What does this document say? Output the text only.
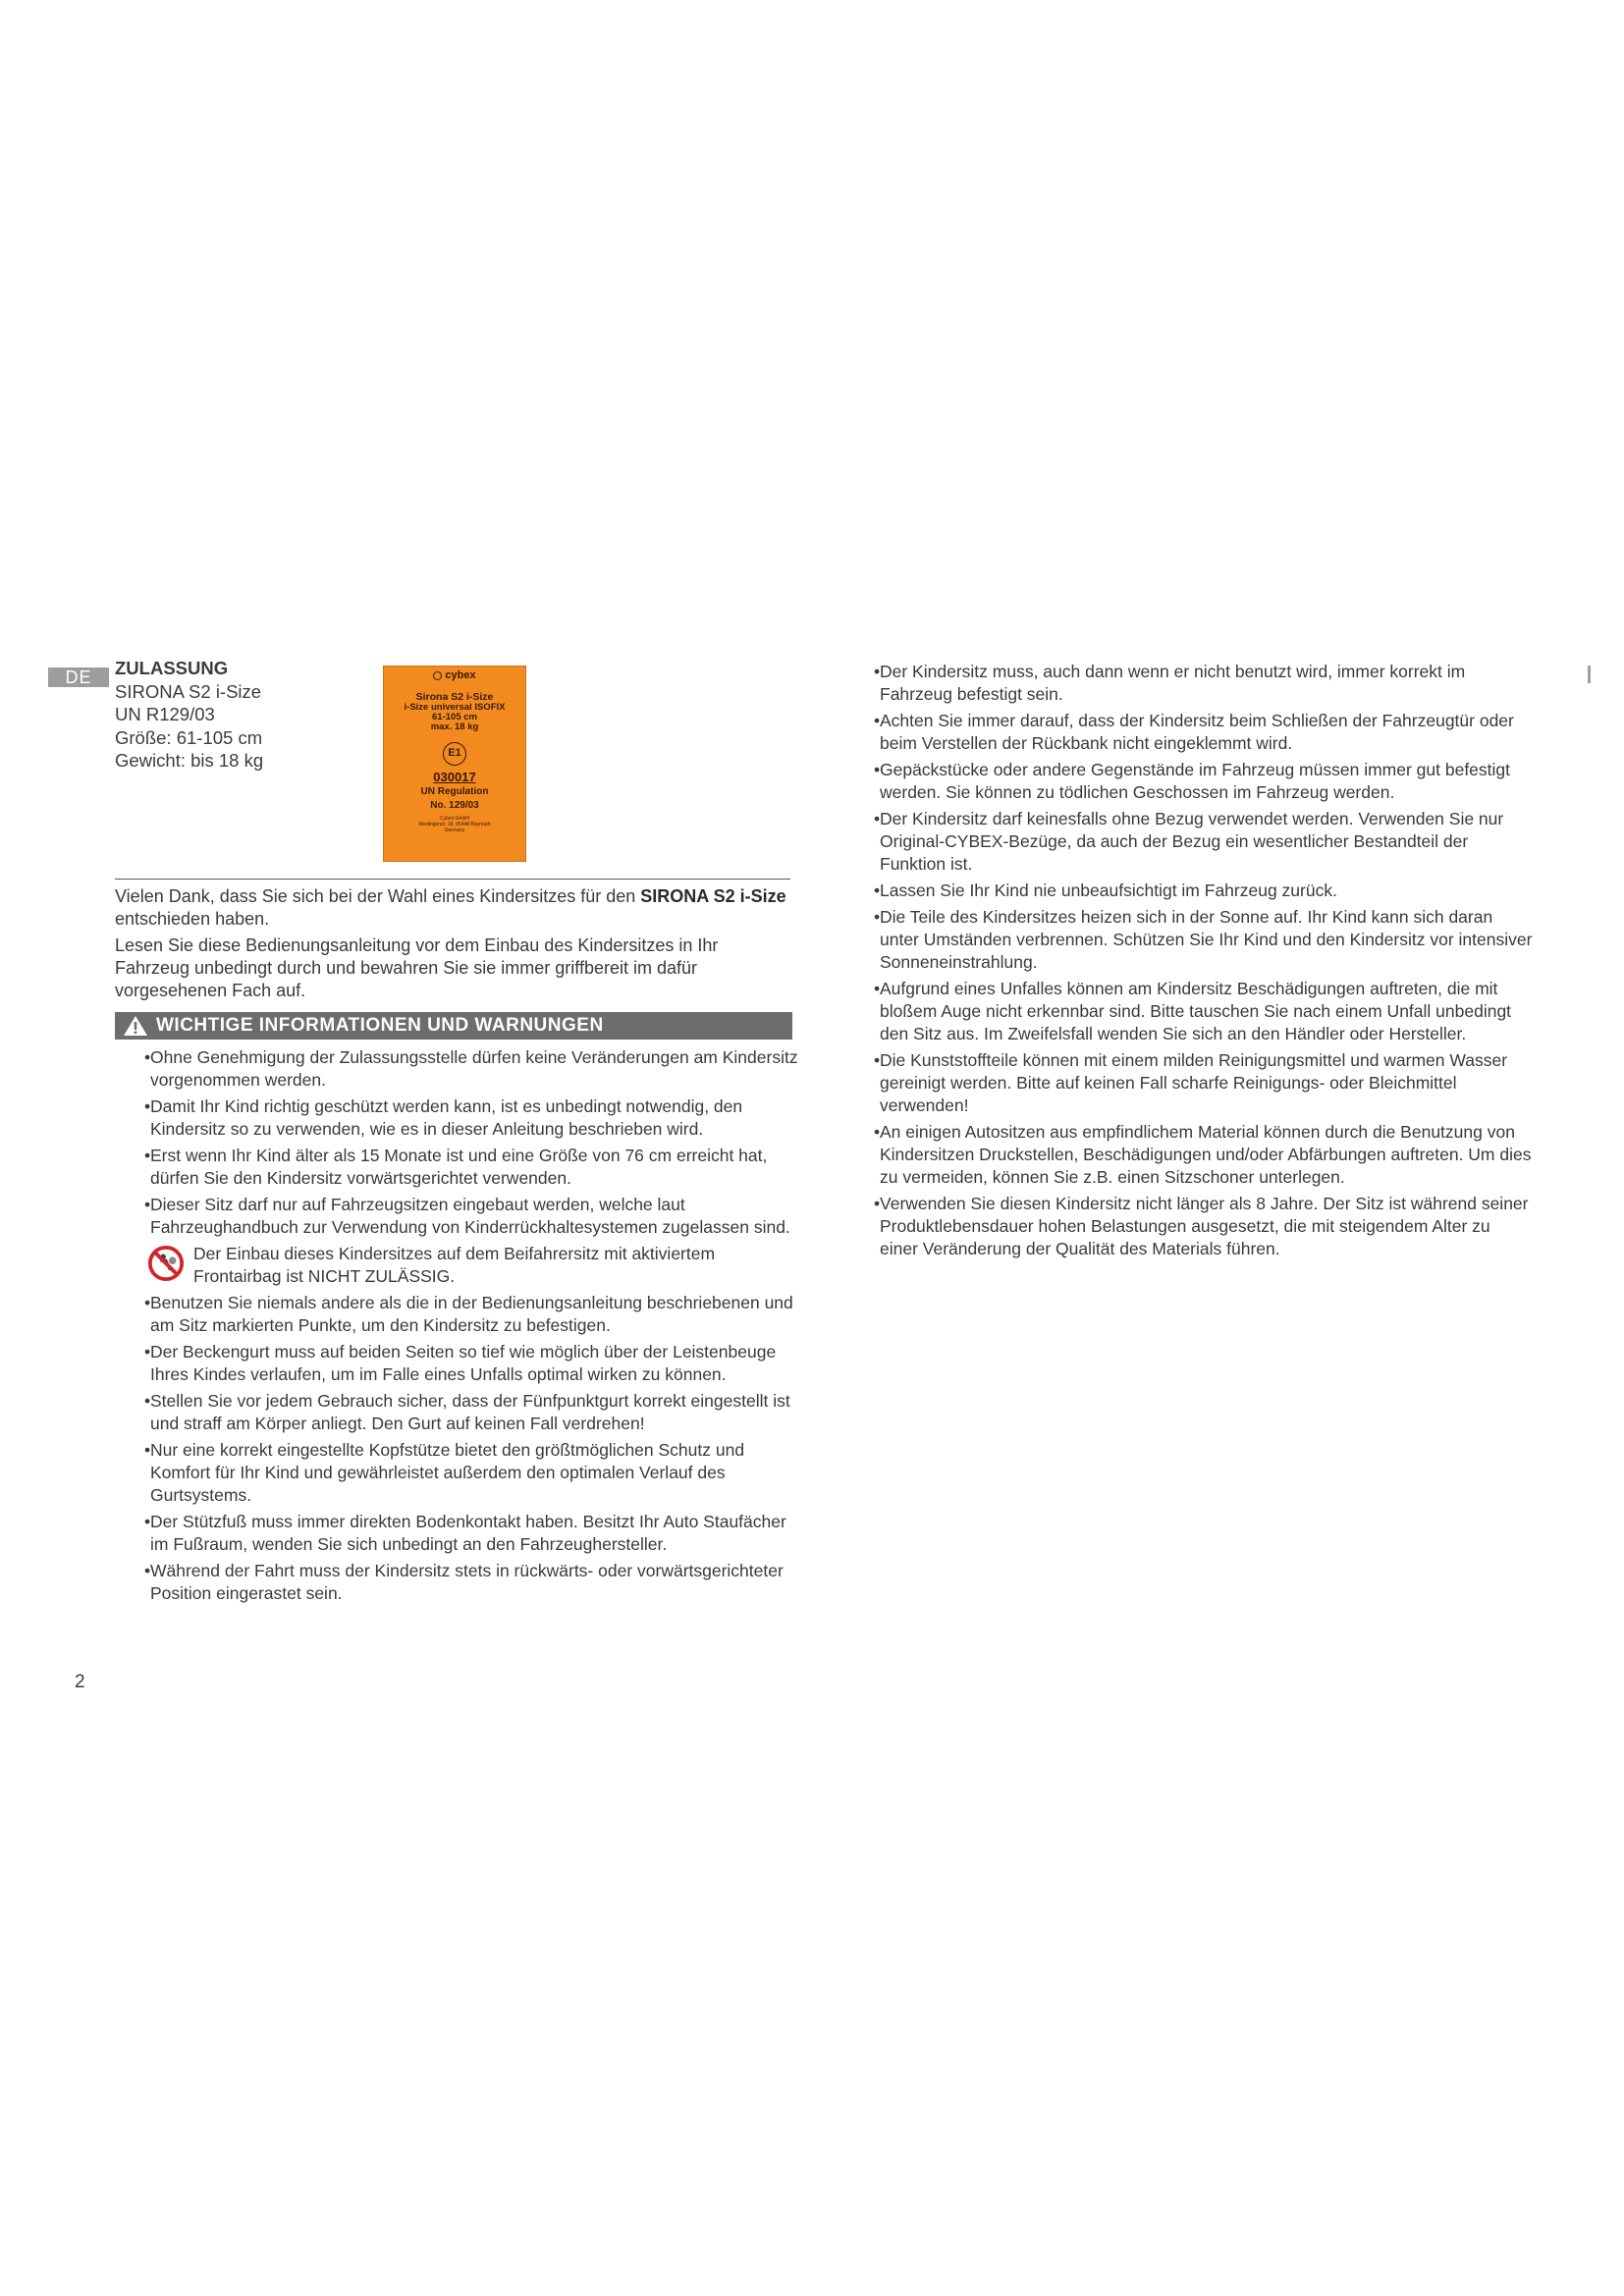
DE	ZULASSUNG
SIRONA S2 i-Size
UN R129/03
Größe: 61-105 cm
Gewicht: bis 18 kg
cybex
Sirona S2 i-Size
i-Size universal ISOFIX
61-105 cm
max. 18 kg
E1
030017
UN Regulation
No. 129/03
Cybex GmbH
Riedingerstr. 18, 95448 Bayreuth
Germany

Vielen Dank, dass Sie sich bei der Wahl eines Kindersitzes für den SIRONA S2 i-Size entschieden haben.

Lesen Sie diese Bedienungsanleitung vor dem Einbau des Kindersitzes in Ihr Fahrzeug unbedingt durch und bewahren Sie sie immer griffbereit im dafür vorgesehenen Fach auf.

WICHTIGE INFORMATIONEN UND WARNUNGEN
• Ohne Genehmigung der Zulassungsstelle dürfen keine Veränderungen am Kindersitz vorgenommen werden.
• Damit Ihr Kind richtig geschützt werden kann, ist es unbedingt notwendig, den Kindersitz so zu verwenden, wie es in dieser Anleitung beschrieben wird.
• Erst wenn Ihr Kind älter als 15 Monate ist und eine Größe von 76 cm erreicht hat, dürfen Sie den Kindersitz vorwärtsgerichtet verwenden.
• Dieser Sitz darf nur auf Fahrzeugsitzen eingebaut werden, welche laut Fahrzeughandbuch zur Verwendung von Kinderrückhaltesystemen zugelassen sind.
Der Einbau dieses Kindersitzes auf dem Beifahrersitz mit aktiviertem Frontairbag ist NICHT ZULÄSSIG.
• Benutzen Sie niemals andere als die in der Bedienungsanleitung beschriebenen und am Sitz markierten Punkte, um den Kindersitz zu befestigen.
• Der Beckengurt muss auf beiden Seiten so tief wie möglich über der Leistenbeuge Ihres Kindes verlaufen, um im Falle eines Unfalls optimal wirken zu können.
• Stellen Sie vor jedem Gebrauch sicher, dass der Fünfpunktgurt korrekt eingestellt ist und straff am Körper anliegt. Den Gurt auf keinen Fall verdrehen!
• Nur eine korrekt eingestellte Kopfstütze bietet den größtmöglichen Schutz und Komfort für Ihr Kind und gewährleistet außerdem den optimalen Verlauf des Gurtsystems.
• Der Stützfuß muss immer direkten Bodenkontakt haben. Besitzt Ihr Auto Staufächer im Fußraum, wenden Sie sich unbedingt an den Fahrzeughersteller.
• Während der Fahrt muss der Kindersitz stets in rückwärts- oder vorwärtsgerichteter Position eingerastet sein.
• Der Kindersitz muss, auch dann wenn er nicht benutzt wird, immer korrekt im Fahrzeug befestigt sein.
• Achten Sie immer darauf, dass der Kindersitz beim Schließen der Fahrzeugtür oder beim Verstellen der Rückbank nicht eingeklemmt wird.
• Gepäckstücke oder andere Gegenstände im Fahrzeug müssen immer gut befestigt werden. Sie können zu tödlichen Geschossen im Fahrzeug werden.
• Der Kindersitz darf keinesfalls ohne Bezug verwendet werden. Verwenden Sie nur Original-CYBEX-Bezüge, da auch der Bezug ein wesentlicher Bestandteil der Funktion ist.
• Lassen Sie Ihr Kind nie unbeaufsichtigt im Fahrzeug zurück.
• Die Teile des Kindersitzes heizen sich in der Sonne auf. Ihr Kind kann sich daran unter Umständen verbrennen. Schützen Sie Ihr Kind und den Kindersitz vor intensiver Sonneneinstrahlung.
• Aufgrund eines Unfalles können am Kindersitz Beschädigungen auftreten, die mit bloßem Auge nicht erkennbar sind. Bitte tauschen Sie nach einem Unfall unbedingt den Sitz aus. Im Zweifelsfall wenden Sie sich an den Händler oder Hersteller.
• Die Kunststoffteile können mit einem milden Reinigungsmittel und warmen Wasser gereinigt werden. Bitte auf keinen Fall scharfe Reinigungs- oder Bleichmittel verwenden!
• An einigen Autositzen aus empfindlichem Material können durch die Benutzung von Kindersitzen Druckstellen, Beschädigungen und/oder Abfärbungen auftreten. Um dies zu vermeiden, können Sie z.B. einen Sitzschoner unterlegen.
• Verwenden Sie diesen Kindersitz nicht länger als 8 Jahre. Der Sitz ist während seiner Produktlebensdauer hohen Belastungen ausgesetzt, die mit steigendem Alter zu einer Veränderung der Qualität des Materials führen.
2
